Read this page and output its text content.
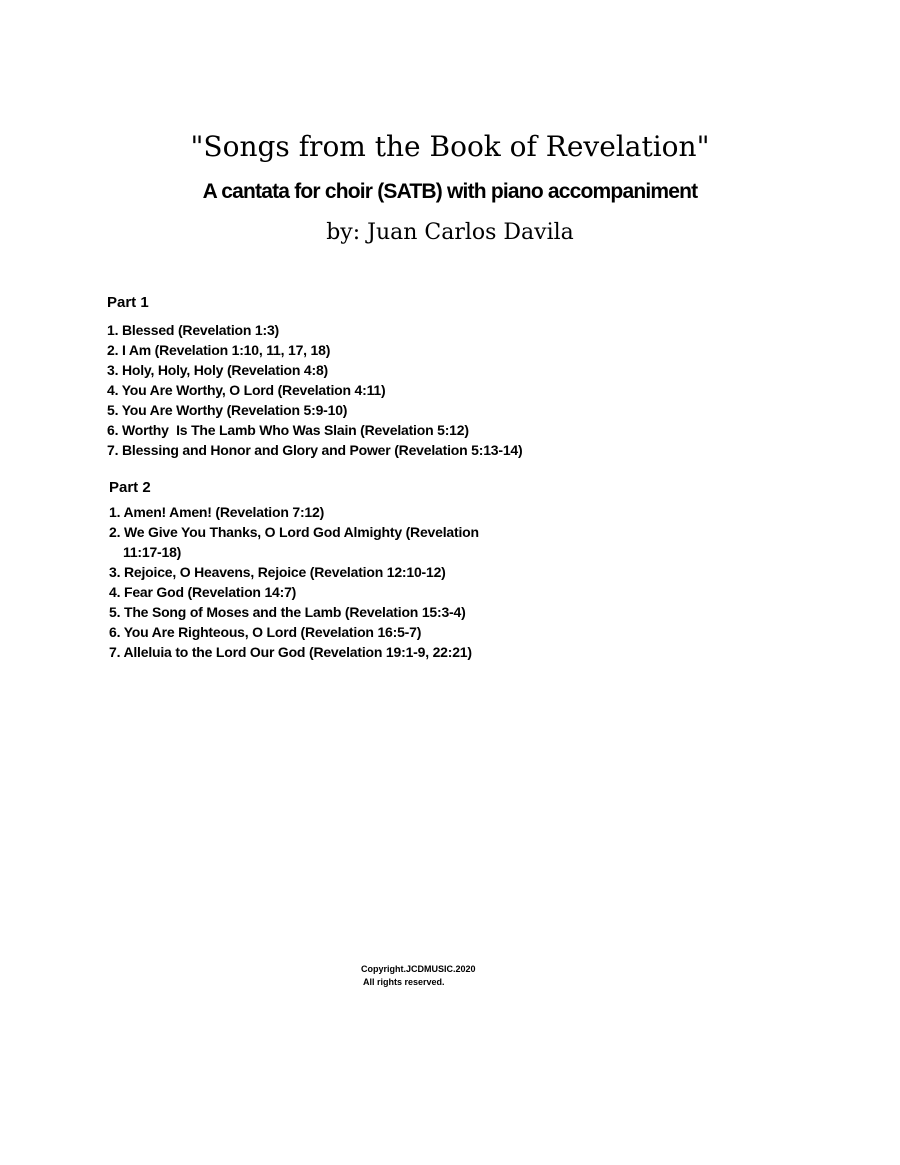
"Songs from the Book of Revelation"
A cantata for choir (SATB) with piano accompaniment
by: Juan Carlos Davila
Part 1
1. Blessed (Revelation 1:3)
2. I Am (Revelation 1:10, 11, 17, 18)
3. Holy, Holy, Holy (Revelation 4:8)
4. You Are Worthy, O Lord (Revelation 4:11)
5. You Are Worthy (Revelation 5:9-10)
6. Worthy  Is The Lamb Who Was Slain (Revelation 5:12)
7. Blessing and Honor and Glory and Power (Revelation 5:13-14)
Part 2
1. Amen! Amen! (Revelation 7:12)
2. We Give You Thanks, O Lord God Almighty (Revelation 11:17-18)
3. Rejoice, O Heavens, Rejoice (Revelation 12:10-12)
4. Fear God (Revelation 14:7)
5. The Song of Moses and the Lamb (Revelation 15:3-4)
6. You Are Righteous, O Lord (Revelation 16:5-7)
7. Alleluia to the Lord Our God (Revelation 19:1-9, 22:21)
Copyright.JCDMUSIC.2020
All rights reserved.
